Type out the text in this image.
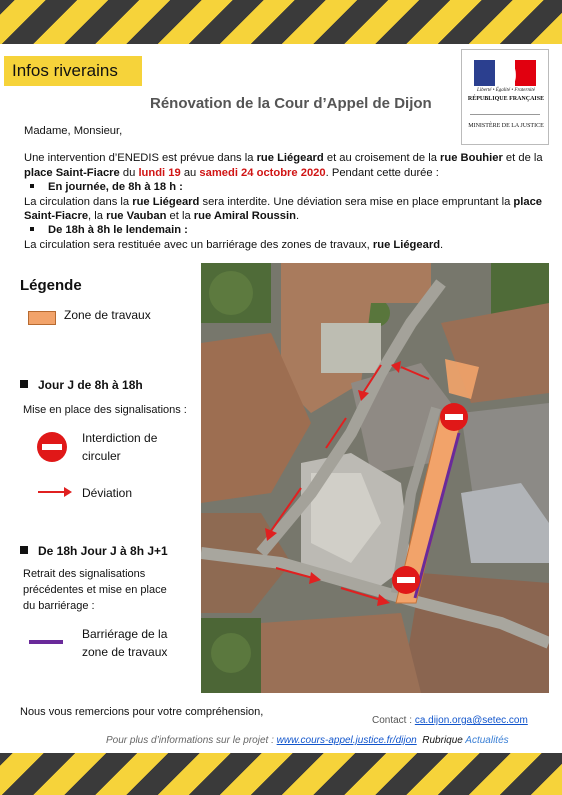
Infos riverains
Liberté • Égalité • Fraternité
RÉPUBLIQUE FRANÇAISE
MINISTÈRE DE LA JUSTICE
Rénovation de la Cour d’Appel de Dijon

Madame, Monsieur,

Une intervention d’ENEDIS est prévue dans la rue Liégeard et au croisement de la rue Bouhier et de la place Saint-Fiacre du lundi 19 au samedi 24 octobre 2020. Pendant cette durée :

En journée, de 8h à 18 h :

La circulation dans la rue Liégeard sera interdite. Une déviation sera mise en place empruntant la place Saint-Fiacre, la rue Vauban et la rue Amiral Roussin.

De 18h à 8h le lendemain :

La circulation sera restituée avec un barriérage des zones de travaux, rue Liégeard.

Légende
Zone de travaux
Jour J de 8h à 18h
Mise en place des signalisations :
Interdiction de circuler
Déviation
De 18h Jour J à 8h J+1
Retrait des signalisations précédentes et mise en place du barriérage :
Barriérage de la zone de travaux
Nous vous remercions pour votre compréhension,
Contact : ca.dijon.orga@setec.com
Pour plus d’informations sur le projet : www.cours-appel.justice.fr/dijon Rubrique Actualités
